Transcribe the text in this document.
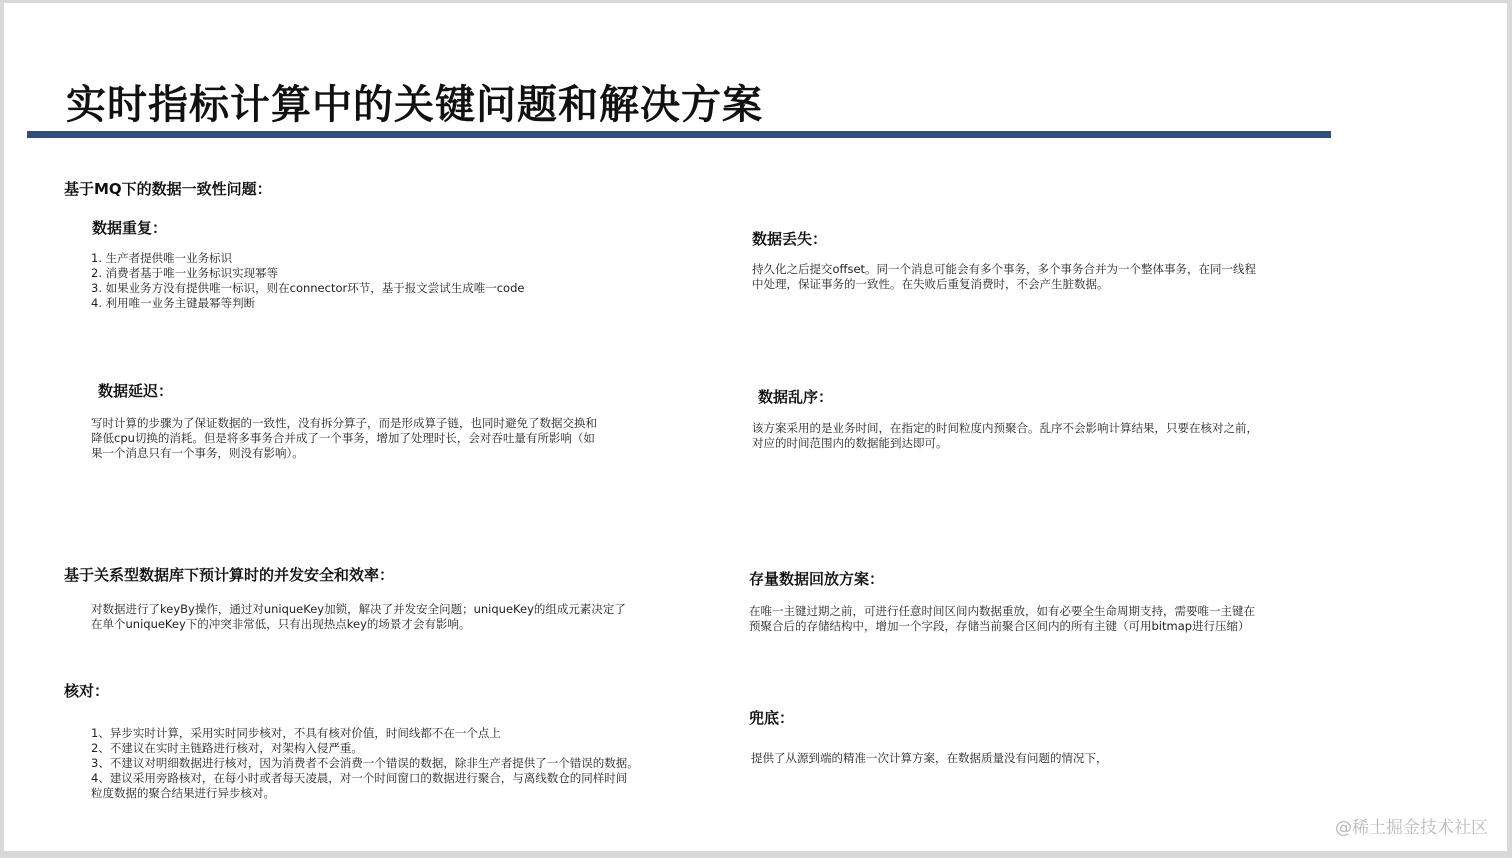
实时指标计算中的关键问题和解决方案
基于MQ下的数据一致性问题：
数据重复：
1. 生产者提供唯一业务标识
2. 消费者基于唯一业务标识实现幂等
3. 如果业务方没有提供唯一标识，则在connector环节，基于报文尝试生成唯一code
4. 利用唯一业务主键最幂等判断
数据延迟：
写时计算的步骤为了保证数据的一致性，没有拆分算子，而是形成算子链，也同时避免了数据交换和
降低cpu切换的消耗。但是将多事务合并成了一个事务，增加了处理时长，会对吞吐量有所影响（如
果一个消息只有一个事务，则没有影响）。
基于关系型数据库下预计算时的并发安全和效率：
对数据进行了keyBy操作，通过对uniqueKey加锁，解决了并发安全问题；uniqueKey的组成元素决定了
在单个uniqueKey下的冲突非常低，只有出现热点key的场景才会有影响。
核对：
1、异步实时计算，采用实时同步核对，不具有核对价值，时间线都不在一个点上
2、不建议在实时主链路进行核对，对架构入侵严重。
3、不建议对明细数据进行核对，因为消费者不会消费一个错误的数据，除非生产者提供了一个错误的数据。
4、建议采用旁路核对，在每小时或者每天凌晨，对一个时间窗口的数据进行聚合，与离线数仓的同样时间
粒度数据的聚合结果进行异步核对。
数据丢失：
持久化之后提交offset。同一个消息可能会有多个事务，多个事务合并为一个整体事务，在同一线程
中处理，保证事务的一致性。在失败后重复消费时，不会产生脏数据。
数据乱序：
该方案采用的是业务时间，在指定的时间粒度内预聚合。乱序不会影响计算结果，只要在核对之前，
对应的时间范围内的数据能到达即可。
存量数据回放方案：
在唯一主键过期之前，可进行任意时间区间内数据重放，如有必要全生命周期支持，需要唯一主键在
预聚合后的存储结构中，增加一个字段，存储当前聚合区间内的所有主键（可用bitmap进行压缩）
兜底：
提供了从源到端的精准一次计算方案，在数据质量没有问题的情况下，
@稀土掘金技术社区
